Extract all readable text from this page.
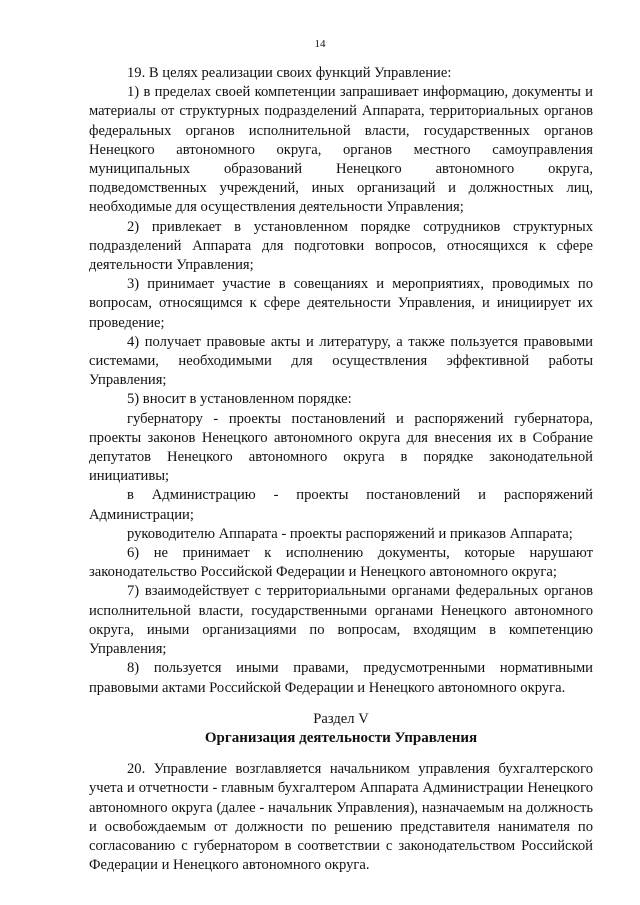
14

19. В целях реализации своих функций Управление:

1) в пределах своей компетенции запрашивает информацию, документы и материалы от структурных подразделений Аппарата, территориальных органов федеральных органов исполнительной власти, государственных органов Ненецкого автономного округа, органов местного самоуправления муниципальных образований Ненецкого автономного округа, подведомственных учреждений, иных организаций и должностных лиц, необходимые для осуществления деятельности Управления;

2) привлекает в установленном порядке сотрудников структурных подразделений Аппарата для подготовки вопросов, относящихся к сфере деятельности Управления;

3) принимает участие в совещаниях и мероприятиях, проводимых по вопросам, относящимся к сфере деятельности Управления, и инициирует их проведение;

4) получает правовые акты и литературу, а также пользуется правовыми системами, необходимыми для осуществления эффективной работы Управления;

5) вносит в установленном порядке:

губернатору - проекты постановлений и распоряжений губернатора, проекты законов Ненецкого автономного округа для внесения их в Собрание депутатов Ненецкого автономного округа в порядке законодательной инициативы;

в Администрацию - проекты постановлений и распоряжений Администрации;

руководителю Аппарата - проекты распоряжений и приказов Аппарата;

6) не принимает к исполнению документы, которые нарушают законодательство Российской Федерации и Ненецкого автономного округа;

7) взаимодействует с территориальными органами федеральных органов исполнительной власти, государственными органами Ненецкого автономного округа, иными организациями по вопросам, входящим в компетенцию Управления;

8) пользуется иными правами, предусмотренными нормативными правовыми актами Российской Федерации и Ненецкого автономного округа.

Раздел V

Организация деятельности Управления

20. Управление возглавляется начальником управления бухгалтерского учета и отчетности - главным бухгалтером Аппарата Администрации Ненецкого автономного округа (далее - начальник Управления), назначаемым на должность и освобождаемым от должности по решению представителя нанимателя по согласованию с губернатором в соответствии с законодательством Российской Федерации и Ненецкого автономного округа.
